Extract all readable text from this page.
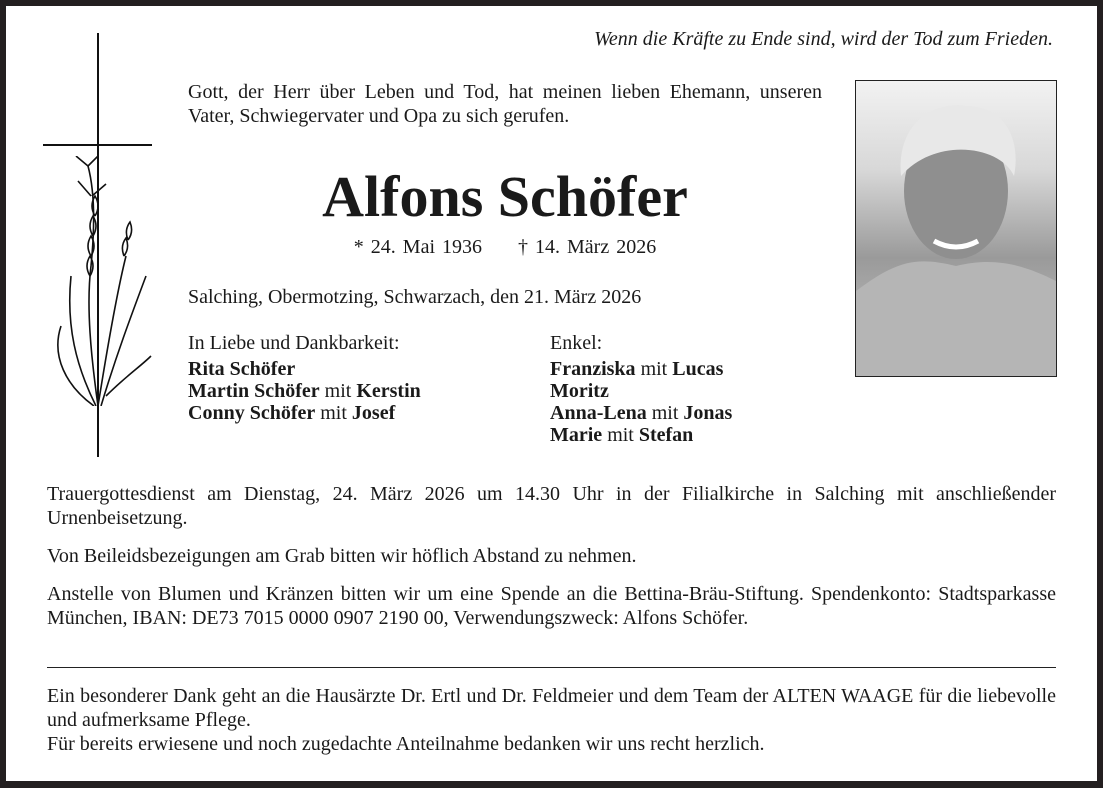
Wenn die Kräfte zu Ende sind, wird der Tod zum Frieden.
Gott, der Herr über Leben und Tod, hat meinen lieben Ehemann, unseren Vater, Schwiegervater und Opa zu sich gerufen.
Alfons Schöfer
* 24. Mai 1936 † 14. März 2026
Salching, Obermotzing, Schwarzach, den 21. März 2026
In Liebe und Dankbarkeit:
Rita Schöfer
Martin Schöfer mit Kerstin
Conny Schöfer mit Josef
Enkel:
Franziska mit Lucas
Moritz
Anna-Lena mit Jonas
Marie mit Stefan
Trauergottesdienst am Dienstag, 24. März 2026 um 14.30 Uhr in der Filialkirche in Salching mit anschließender Urnenbeisetzung.
Von Beileidsbezeigungen am Grab bitten wir höflich Abstand zu nehmen.
Anstelle von Blumen und Kränzen bitten wir um eine Spende an die Bettina-Bräu-Stiftung. Spendenkonto: Stadtsparkasse München, IBAN: DE73 7015 0000 0907 2190 00, Verwendungszweck: Alfons Schöfer.
Ein besonderer Dank geht an die Hausärzte Dr. Ertl und Dr. Feldmeier und dem Team der ALTEN WAAGE für die liebevolle und aufmerksame Pflege.
Für bereits erwiesene und noch zugedachte Anteilnahme bedanken wir uns recht herzlich.
